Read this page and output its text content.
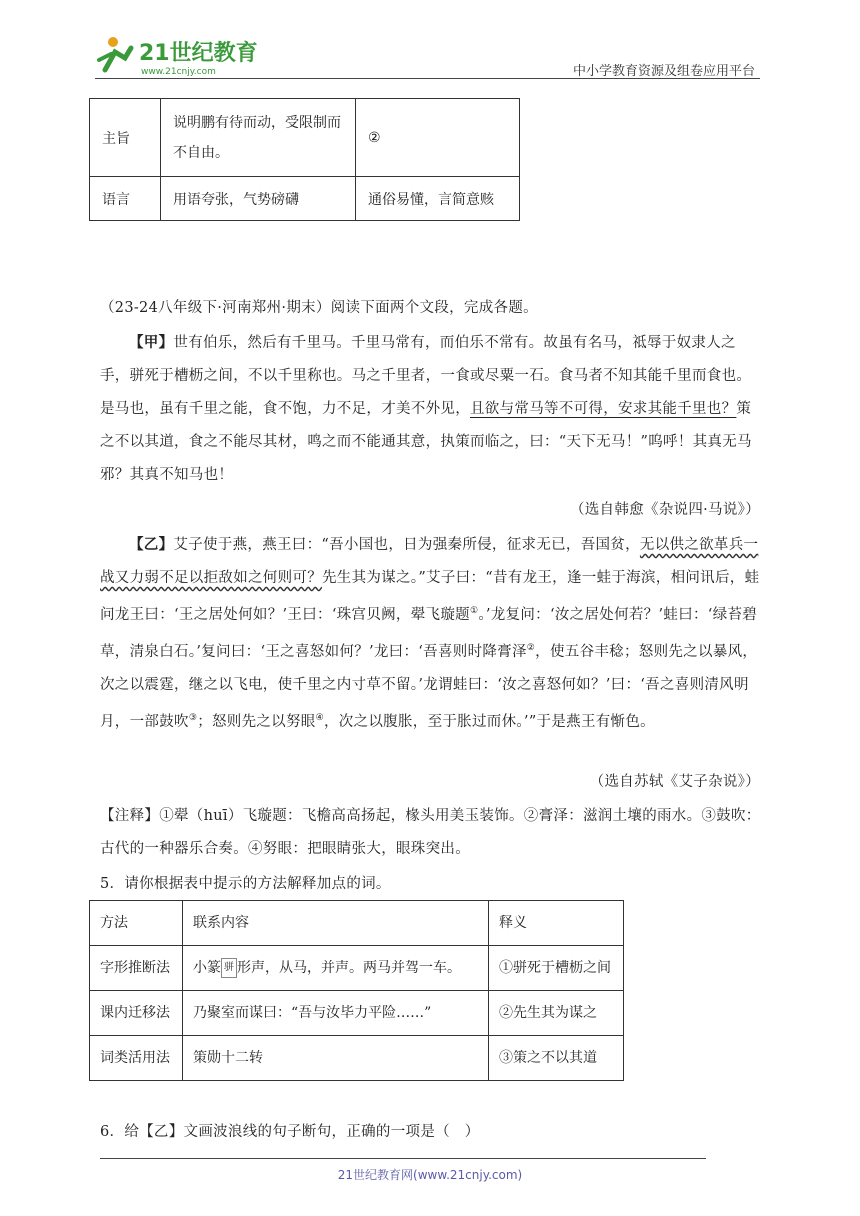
21世纪教育
www.21cnjy.com	中小学教育资源及组卷应用平台
主旨	说明鹏有待而动，受限制而不自由。	②
语言	用语夸张，气势磅礴	通俗易懂，言简意赅
（23-24八年级下·河南郑州·期末）阅读下面两个文段，完成各题。
【甲】世有伯乐，然后有千里马。千里马常有，而伯乐不常有。故虽有名马，祗辱于奴隶人之手，骈死于槽枥之间，不以千里称也。马之千里者，一食或尽粟一石。食马者不知其能千里而食也。是马也，虽有千里之能，食不饱，力不足，才美不外见，且欲与常马等不可得，安求其能千里也？策之不以其道，食之不能尽其材，鸣之而不能通其意，执策而临之，曰：“天下无马！”呜呼！其真无马邪？其真不知马也！
（选自韩愈《杂说四·马说》）
【乙】艾子使于燕，燕王曰：“吾小国也，日为强秦所侵，征求无已，吾国贫，无以供之欲革兵一战又力弱不足以拒敌如之何则可？先生其为谋之。”艾子曰：“昔有龙王，逢一蛙于海滨，相问讯后，蛙问龙王曰：‘王之居处何如？’王曰：‘珠宫贝阙，翚飞璇题①。’龙复问：‘汝之居处何若？’蛙曰：‘绿苔碧草，清泉白石。’复问曰：‘王之喜怒如何？’龙曰：‘吾喜则时降膏泽②，使五谷丰稔；怒则先之以暴风，次之以震霆，继之以飞电，使千里之内寸草不留。’龙谓蛙曰：‘汝之喜怒何如？’曰：‘吾之喜则清风明月，一部鼓吹③；怒则先之以努眼④，次之以腹胀，至于胀过而休。’”于是燕王有惭色。
（选自苏轼《艾子杂说》）
【注释】①翚（huī）飞璇题：飞檐高高扬起，椽头用美玉装饰。②膏泽：滋润土壤的雨水。③鼓吹：古代的一种器乐合奏。④努眼：把眼睛张大，眼珠突出。
5．请你根据表中提示的方法解释加点的词。
方法	联系内容	释义
字形推断法	小篆 骈 形声，从马，并声。两马并驾一车。	①骈死于槽枥之间
课内迁移法	乃聚室而谋曰：“吾与汝毕力平险……”	②先生其为谋之
词类活用法	策勋十二转	③策之不以其道
6．给【乙】文画波浪线的句子断句，正确的一项是（　）
21世纪教育网(www.21cnjy.com)
